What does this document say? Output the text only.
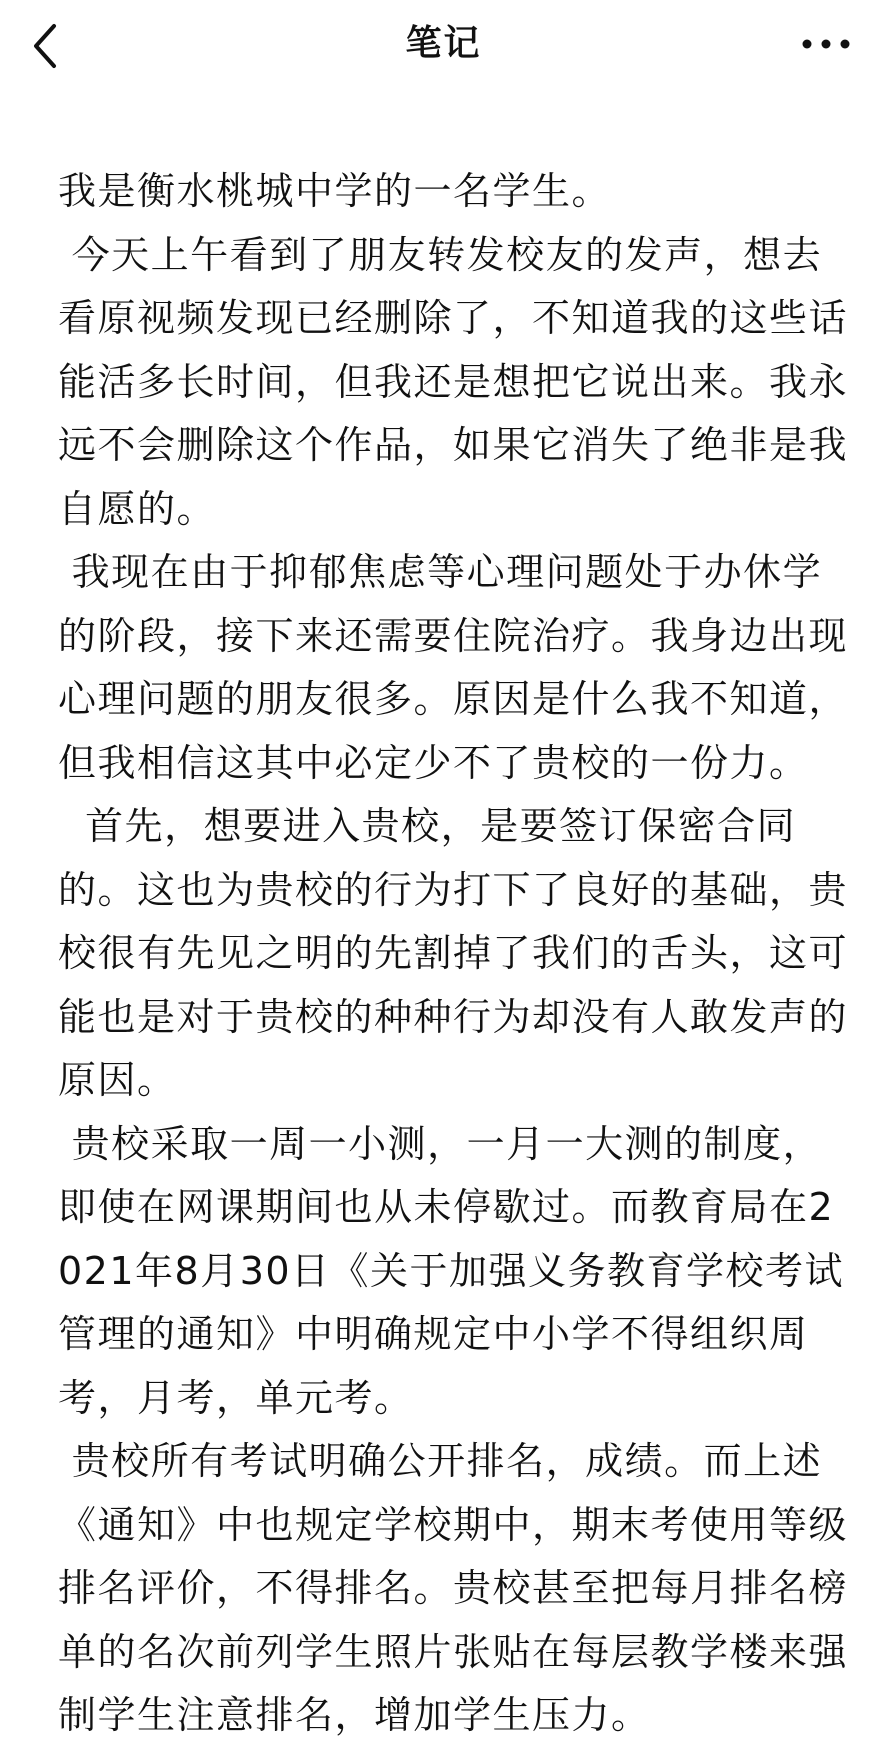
笔记

我是衡水桃城中学的一名学生。

今天上午看到了朋友转发校友的发声，想去看原视频发现已经删除了，不知道我的这些话能活多长时间，但我还是想把它说出来。我永远不会删除这个作品，如果它消失了绝非是我自愿的。

我现在由于抑郁焦虑等心理问题处于办休学的阶段，接下来还需要住院治疗。我身边出现心理问题的朋友很多。原因是什么我不知道，但我相信这其中必定少不了贵校的一份力。

首先，想要进入贵校，是要签订保密合同的。这也为贵校的行为打下了良好的基础，贵校很有先见之明的先割掉了我们的舌头，这可能也是对于贵校的种种行为却没有人敢发声的原因。

贵校采取一周一小测，一月一大测的制度，即使在网课期间也从未停歇过。而教育局在2021年8月30日《关于加强义务教育学校考试管理的通知》中明确规定中小学不得组织周考，月考，单元考。

贵校所有考试明确公开排名，成绩。而上述《通知》中也规定学校期中，期末考使用等级排名评价，不得排名。贵校甚至把每月排名榜单的名次前列学生照片张贴在每层教学楼来强制学生注意排名，增加学生压力。
